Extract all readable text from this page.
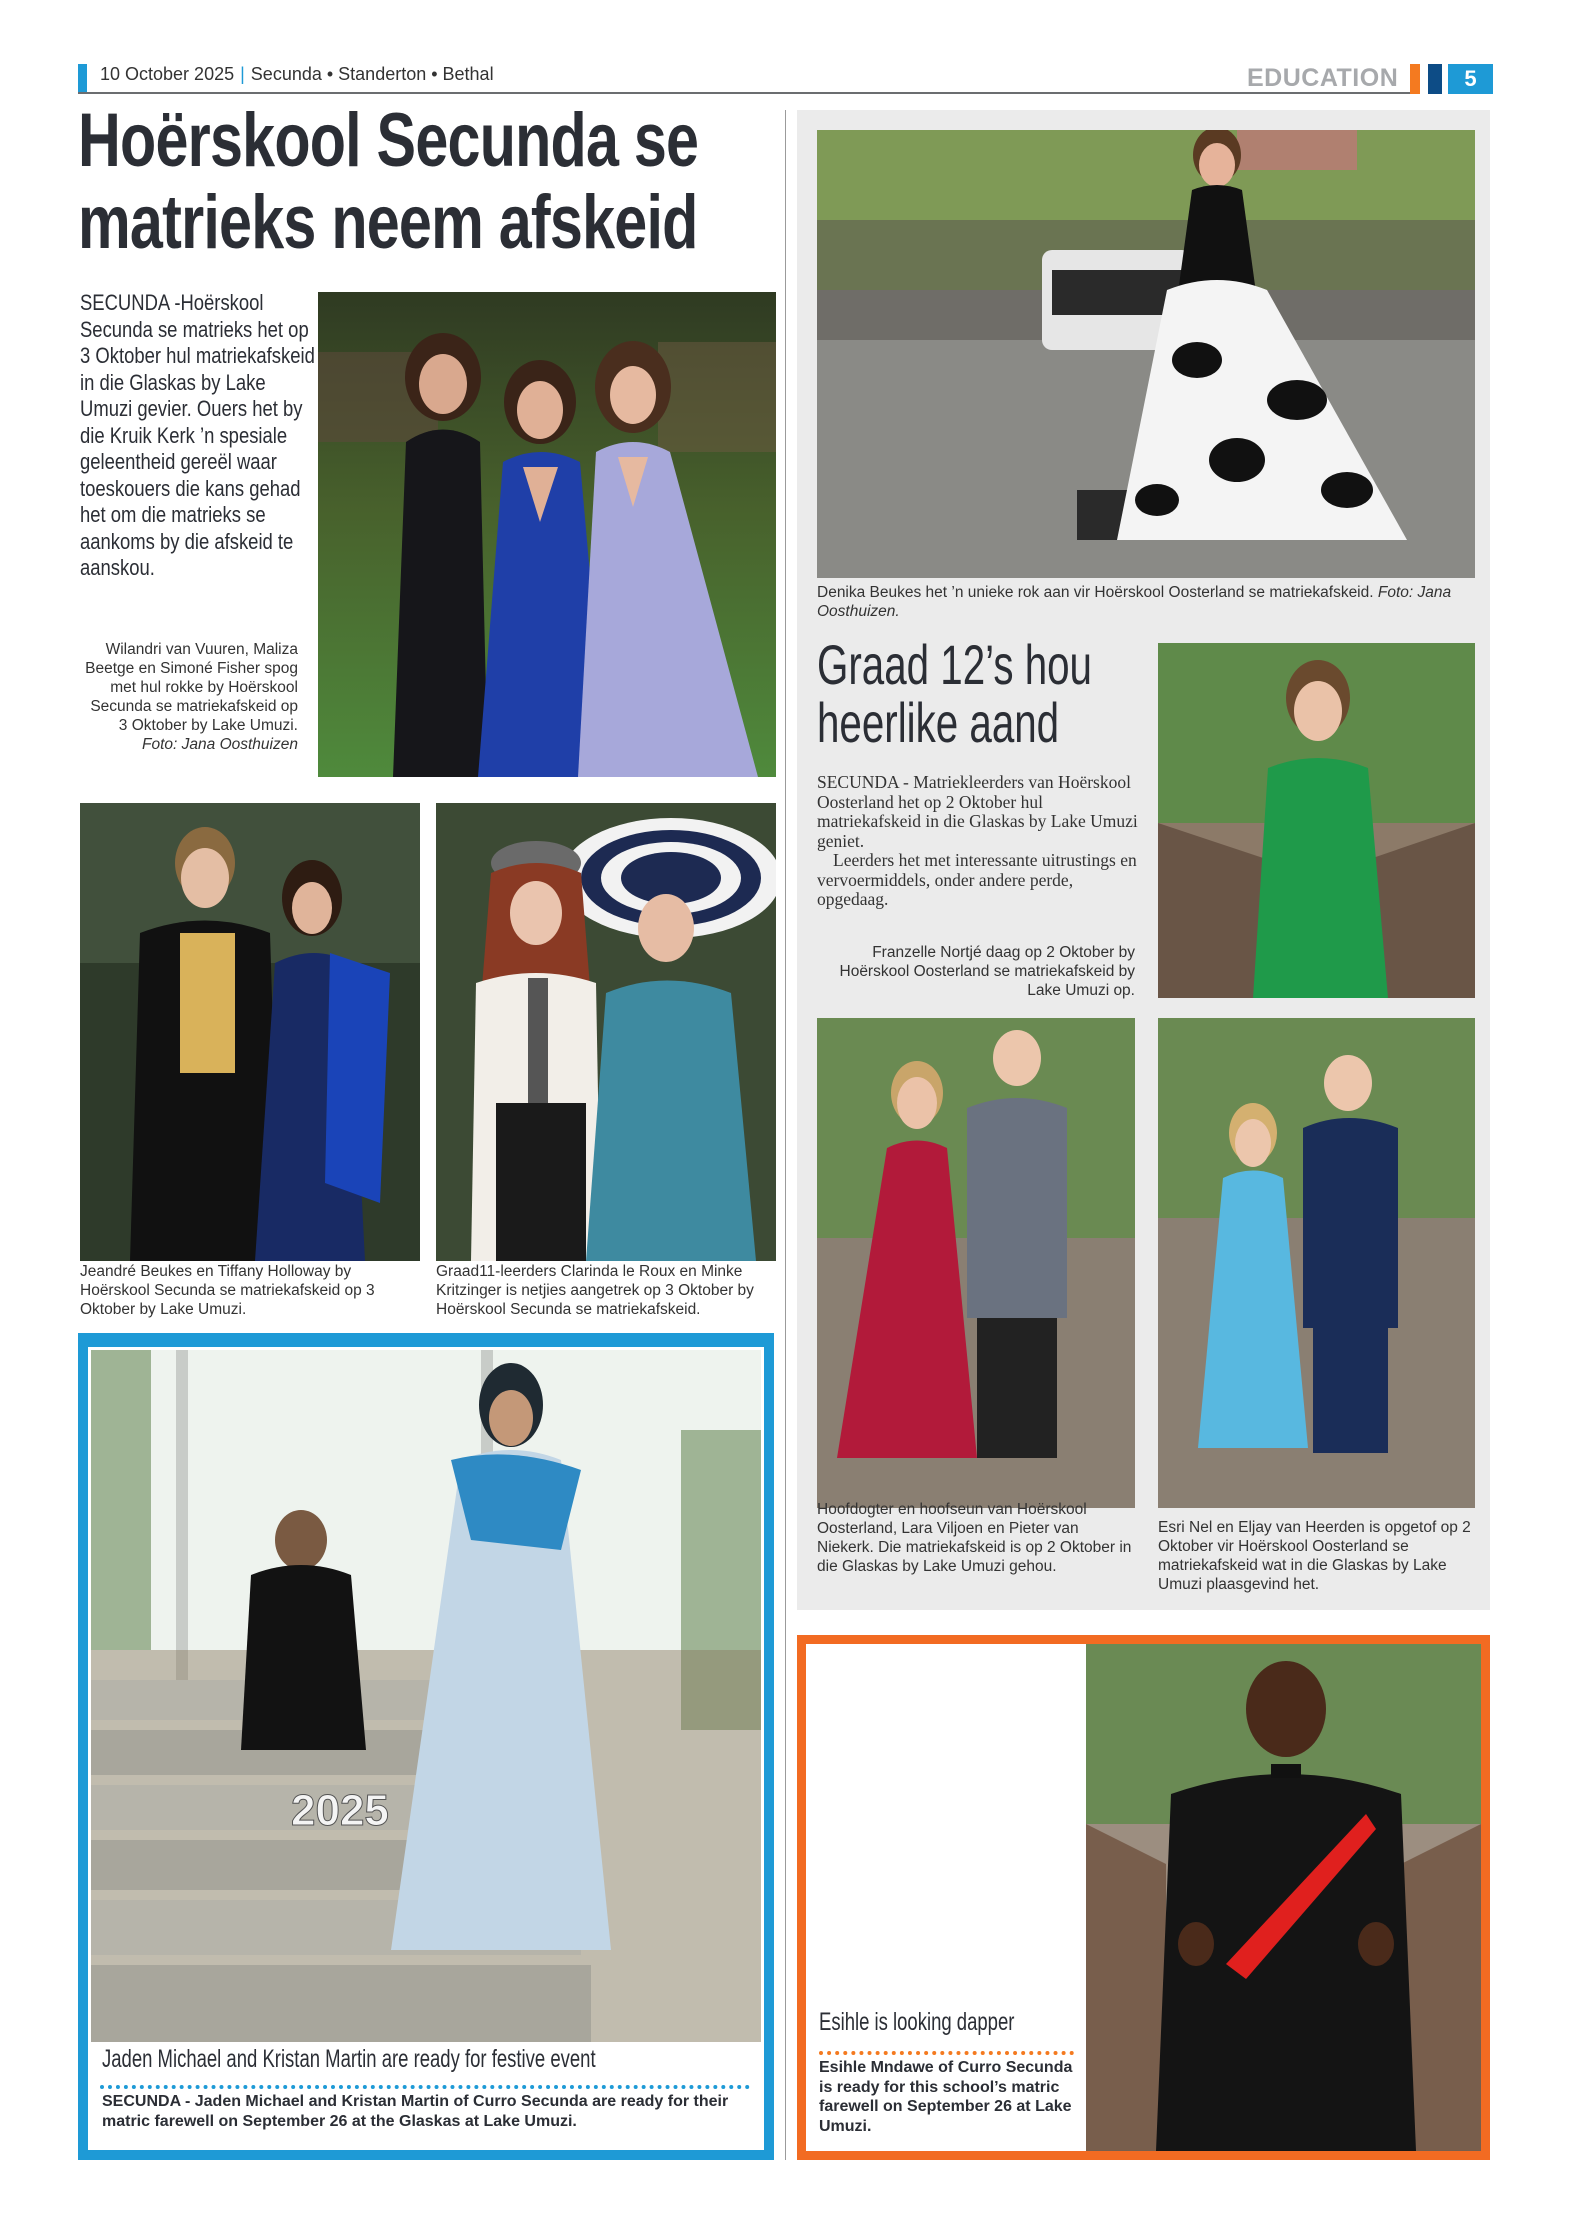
10 October 2025 | Secunda • Standerton • Bethal	EDUCATION	5
Hoërskool Secunda se
matrieks neem afskeid
SECUNDA -Hoërskool Secunda se matrieks het op 3 Oktober hul matriekafskeid in die Glaskas by Lake Umuzi gevier. Ouers het by die Kruik Kerk ’n spesiale geleentheid gereël waar toeskouers die kans gehad het om die matrieks se aankoms by die afskeid te aanskou.
Wilandri van Vuuren, Maliza Beetge en Simoné Fisher spog met hul rokke by Hoërskool Secunda se matriekafskeid op 3 Oktober by Lake Umuzi. Foto: Jana Oosthuizen
Jeandré Beukes en Tiffany Holloway by Hoërskool Secunda se matriekafskeid op 3 Oktober by Lake Umuzi.
Graad11-leerders Clarinda le Roux en Minke Kritzinger is netjies aangetrek op 3 Oktober by Hoërskool Secunda se matriekafskeid.
Denika Beukes het ’n unieke rok aan vir Hoërskool Oosterland se matriekafskeid. Foto: Jana Oosthuizen.
Graad 12’s hou
heerlike aand
SECUNDA - Matriekleerders van Hoërskool Oosterland het op 2 Oktober hul matriekafskeid in die Glaskas by Lake Umuzi geniet.
Leerders het met interessante uitrustings en vervoermiddels, onder andere perde, opgedaag.
Franzelle Nortjé daag op 2 Oktober by Hoërskool Oosterland se matriekafskeid by Lake Umuzi op.
Hoofdogter en hoofseun van Hoërskool Oosterland, Lara Viljoen en Pieter van Niekerk. Die matriekafskeid is op 2 Oktober in die Glaskas by Lake Umuzi gehou.
Esri Nel en Eljay van Heerden is opgetof op 2 Oktober vir Hoërskool Oosterland se matriekafskeid wat in die Glaskas by Lake Umuzi plaasgevind het.
2025
Jaden Michael and Kristan Martin are ready for festive event
SECUNDA - Jaden Michael and Kristan Martin of Curro Secunda are ready for their matric farewell on September 26 at the Glaskas at Lake Umuzi.
Esihle is looking dapper
Esihle Mndawe of Curro Secunda is ready for this school’s matric farewell on September 26 at Lake Umuzi.
